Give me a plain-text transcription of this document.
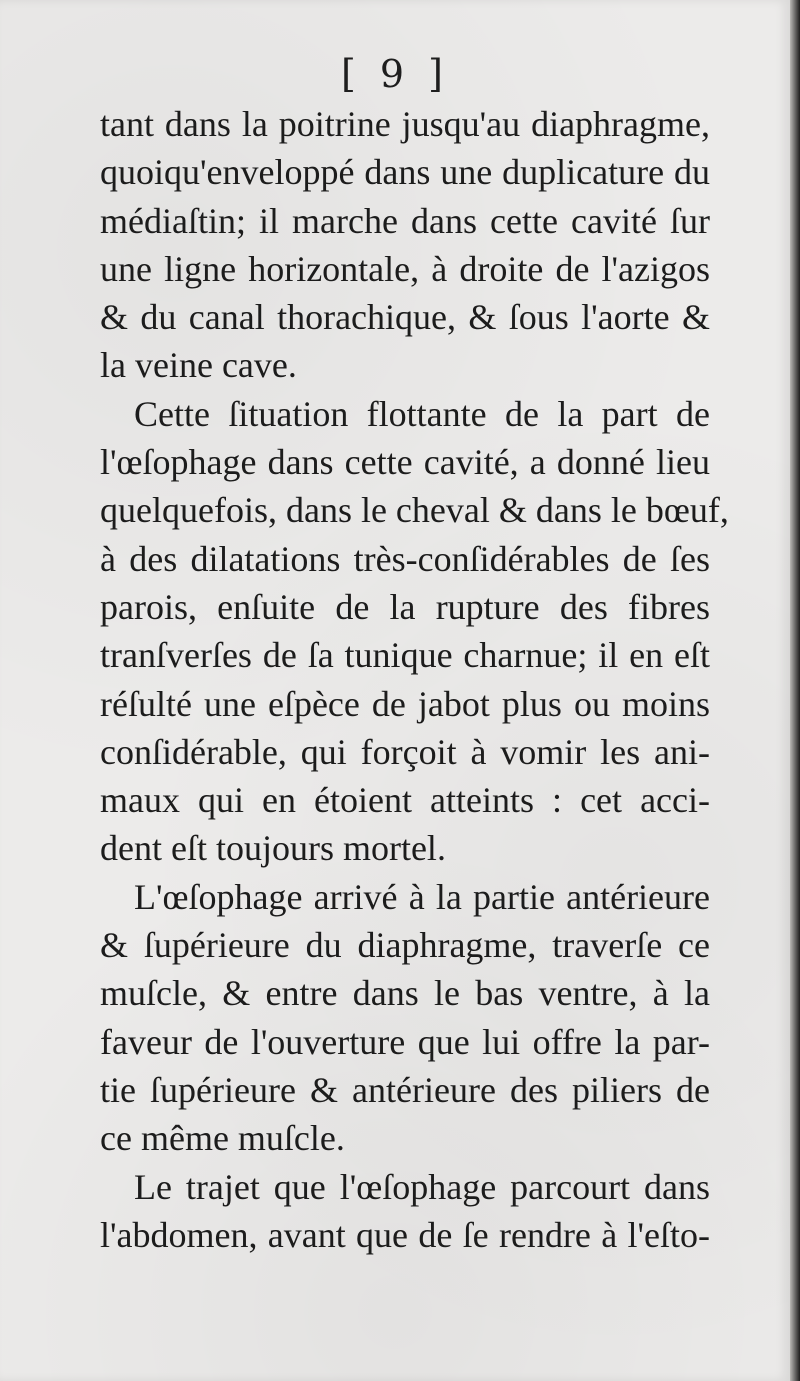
[ 9 ]
tant dans la poitrine jusqu'au diaphragme,
quoiqu'enveloppé dans une duplicature du
médiaſtin; il marche dans cette cavité ſur
une ligne horizontale, à droite de l'azigos
& du canal thorachique, & ſous l'aorte &
la veine cave.
Cette ſituation flottante de la part de
l'œſophage dans cette cavité, a donné lieu
quelquefois, dans le cheval & dans le bœuf,
à des dilatations très-conſidérables de ſes
parois, enſuite de la rupture des fibres
tranſverſes de ſa tunique charnue; il en eſt
réſulté une eſpèce de jabot plus ou moins
conſidérable, qui forçoit à vomir les ani-
maux qui en étoient atteints : cet acci-
dent eſt toujours mortel.
L'œſophage arrivé à la partie antérieure
& ſupérieure du diaphragme, traverſe ce
muſcle, & entre dans le bas ventre, à la
faveur de l'ouverture que lui offre la par-
tie ſupérieure & antérieure des piliers de
ce même muſcle.
Le trajet que l'œſophage parcourt dans
l'abdomen, avant que de ſe rendre à l'eſto-
